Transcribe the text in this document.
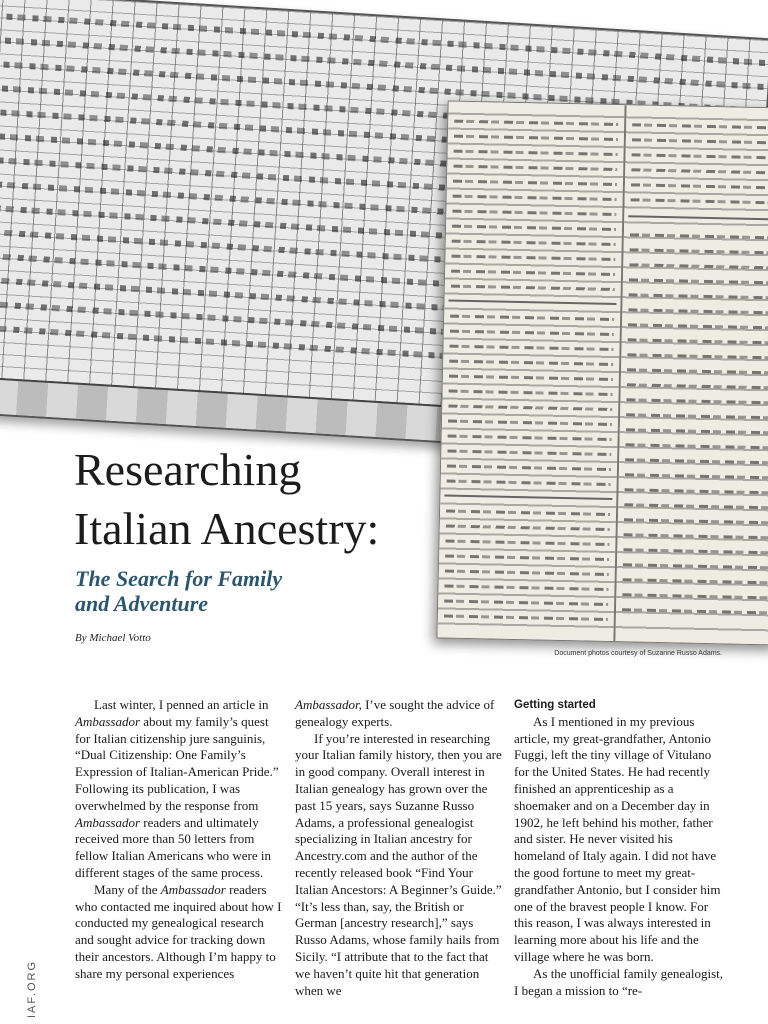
Document photos courtesy of Suzanne Russo Adams.
Researching
Italian Ancestry:
The Search for Family
and Adventure

By Michael Votto

Last winter, I penned an article in Ambassador about my family’s quest for Italian citizenship jure sanguinis, “Dual Citizenship: One Family’s Expression of Italian-American Pride.” Following its publication, I was overwhelmed by the response from Ambassador readers and ultimately received more than 50 letters from fellow Italian Americans who were in different stages of the same process.

Many of the Ambassador readers who contacted me inquired about how I conducted my genealogical research and sought advice for tracking down their ancestors. Although I’m happy to share my personal experiences

Ambassador, I’ve sought the advice of genealogy experts.

If you’re interested in researching your Italian family history, then you are in good company. Overall interest in Italian genealogy has grown over the past 15 years, says Suzanne Russo Adams, a professional genealogist specializing in Italian ancestry for Ancestry.com and the author of the recently released book “Find Your Italian Ancestors: A Beginner’s Guide.” “It’s less than, say, the British or German [ancestry research],” says Russo Adams, whose family hails from Sicily. “I attribute that to the fact that we haven’t quite hit that generation when we

Getting started

As I mentioned in my previous article, my great-grandfather, Antonio Fuggi, left the tiny village of Vitulano for the United States. He had recently finished an apprenticeship as a shoemaker and on a December day in 1902, he left behind his mother, father and sister. He never visited his homeland of Italy again. I did not have the good fortune to meet my great-grandfather Antonio, but I consider him one of the bravest people I know. For this reason, I was always interested in learning more about his life and the village where he was born.

As the unofficial family genealogist, I began a mission to “re-

IAF.ORG
